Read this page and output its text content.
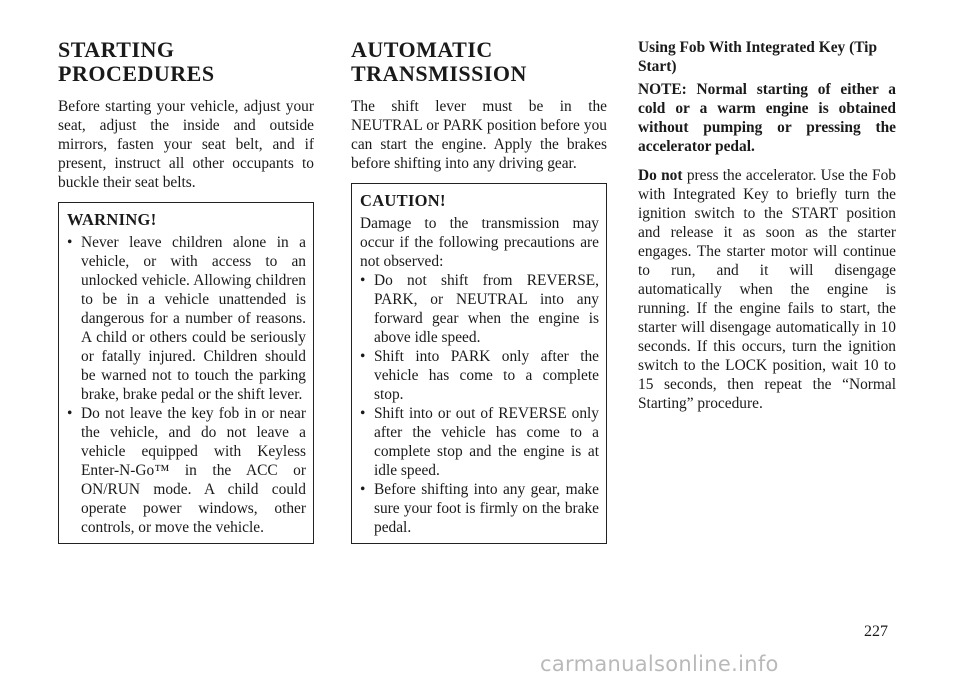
STARTING PROCEDURES

Before starting your vehicle, adjust your seat, adjust the inside and outside mirrors, fasten your seat belt, and if present, instruct all other occupants to buckle their seat belts.

WARNING!
• Never leave children alone in a vehicle, or with access to an unlocked vehicle. Allowing children to be in a vehicle unattended is dangerous for a number of reasons. A child or others could be seriously or fatally injured. Children should be warned not to touch the parking brake, brake pedal or the shift lever.
• Do not leave the key fob in or near the vehicle, and do not leave a vehicle equipped with Keyless Enter-N-Go™ in the ACC or ON/RUN mode. A child could operate power windows, other controls, or move the vehicle.
AUTOMATIC TRANSMISSION

The shift lever must be in the NEUTRAL or PARK position before you can start the engine. Apply the brakes before shifting into any driving gear.

CAUTION!

Damage to the transmission may occur if the following precautions are not observed:

• Do not shift from REVERSE, PARK, or NEUTRAL into any forward gear when the engine is above idle speed.
• Shift into PARK only after the vehicle has come to a complete stop.
• Shift into or out of REVERSE only after the vehicle has come to a complete stop and the engine is at idle speed.
• Before shifting into any gear, make sure your foot is firmly on the brake pedal.

Using Fob With Integrated Key (Tip Start)

NOTE: Normal starting of either a cold or a warm engine is obtained without pumping or pressing the accelerator pedal.

Do not press the accelerator. Use the Fob with Integrated Key to briefly turn the ignition switch to the START position and release it as soon as the starter engages. The starter motor will continue to run, and it will disengage automatically when the engine is running. If the engine fails to start, the starter will disengage automatically in 10 seconds. If this occurs, turn the ignition switch to the LOCK position, wait 10 to 15 seconds, then repeat the “Normal Starting” procedure.

227
carmanualsonline.info
